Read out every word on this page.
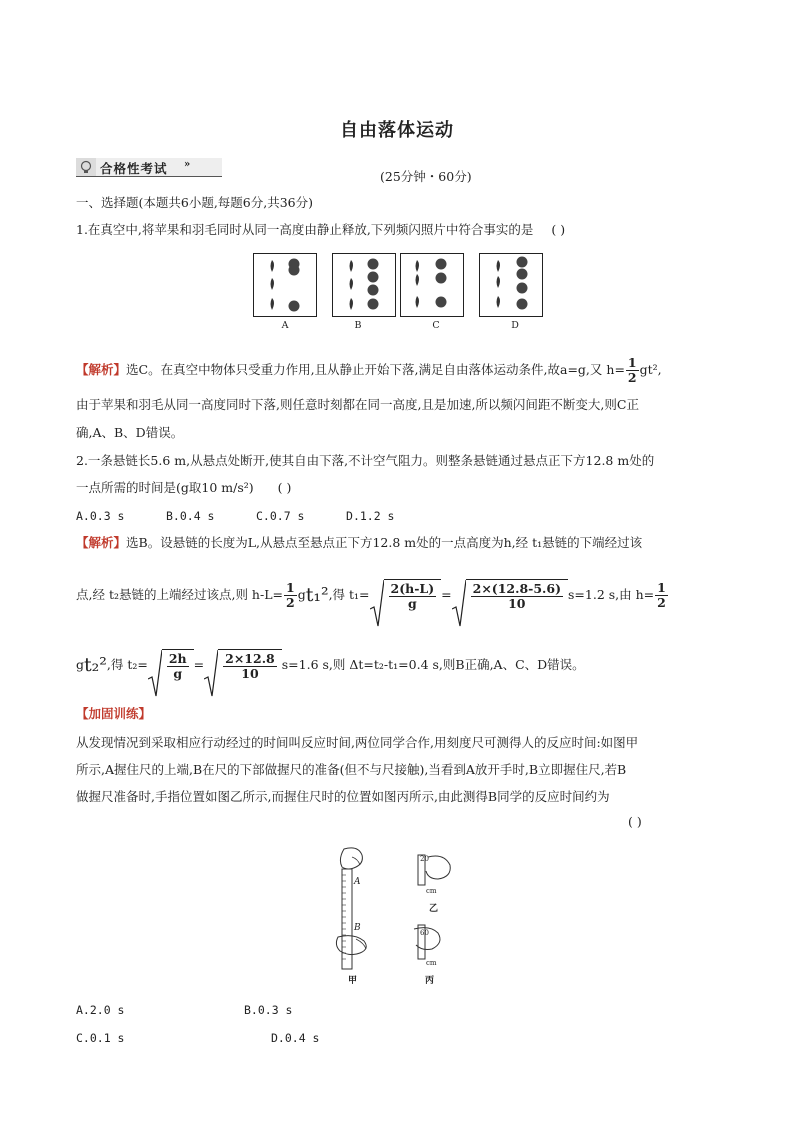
自由落体运动
合格性考试 »
(25分钟・60分)
一、选择题(本题共6小题,每题6分,共36分)
1.在真空中,将苹果和羽毛同时从同一高度由静止释放,下列频闪照片中符合事实的是 ( )
A	B	C	D
【解析】选C。在真空中物体只受重力作用,且从静止开始下落,满足自由落体运动条件,故a=g,又 $h= \frac{1}{2} gt^2$,
由于苹果和羽毛从同一高度同时下落,则任意时刻都在同一高度,且是加速,所以频闪间距不断变大,则C正
确,A、B、D错误。
2.一条悬链长5.6 m,从悬点处断开,使其自由下落,不计空气阻力。则整条悬链通过悬点正下方12.8 m处的
一点所需的时间是(g取10 m/s²) ( )
A.0.3 s      B.0.4 s      C.0.7 s      D.1.2 s
【解析】选B。设悬链的长度为L,从悬点至悬点正下方12.8 m处的一点高度为h,经 t₁悬链的下端经过该
点,经 t₂悬链的上端经过该点,则 $h-L= \frac{1}{2}$ g t₁² ,得 $t_1= \frac{2(h-L)}{g} = \frac{2\times(12.8-5.6)}{10} s=1.2$ s,由 $h= \frac{1}{2}$
g t₂² ,得 $t_2= \frac{2h}{g} = \frac{2\times 12.8}{10} s=1.6$ s,则 Δt=t₂-t₁=0.4 s,则B正确,A、C、D错误。
【加固训练】
从发现情况到采取相应行动经过的时间叫反应时间,两位同学合作,用刻度尺可测得人的反应时间:如图甲
所示,A握住尺的上端,B在尺的下部做握尺的准备(但不与尺接触),当看到A放开手时,B立即握住尺,若B
做握尺准备时,手指位置如图乙所示,而握住尺时的位置如图丙所示,由此测得B同学的反应时间约为
( )
A
B
20
cm
乙
60
cm
甲	丙
A.2.0 s	B.0.3 s
C.0.1 s	D.0.4 s
